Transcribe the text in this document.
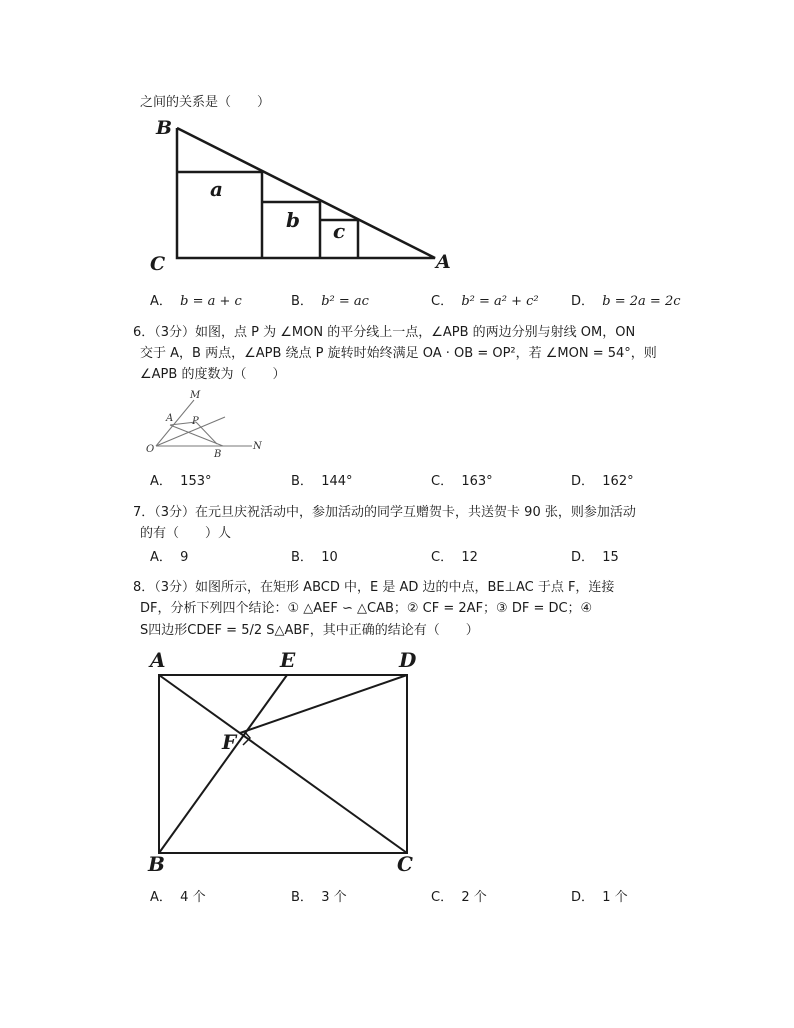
之间的关系是（　　）
B
C	A
a
b c
A． b = a + c	B． b² = ac	C． b² = a² + c² D． b = 2a = 2c
6．（3分）如图，点 P 为 ∠MON 的平分线上一点，∠APB 的两边分别与射线 OM，ON
交于 A，B 两点，∠APB 绕点 P 旋转时始终满足 OA · OB = OP²，若 ∠MON = 54°，则
∠APB 的度数为（　　）
M
A P
O	B
N
A． 153°	B． 144°	C． 163°	D． 162°
7．（3分）在元旦庆祝活动中，参加活动的同学互赠贺卡，共送贺卡 90 张，则参加活动
的有（　　）人
A． 9	B． 10	C． 12	D． 15
8．（3分）如图所示，在矩形 ABCD 中，E 是 AD 边的中点，BE⊥AC 于点 F，连接
DF，分析下列四个结论：① △AEF ∽ △CAB；② CF = 2AF；③ DF = DC；④
S四边形CDEF = 5/2 S△ABF，其中正确的结论有（　　）
A	E	D
F
B	C
A． 4 个	B． 3 个	C． 2 个	D． 1 个
